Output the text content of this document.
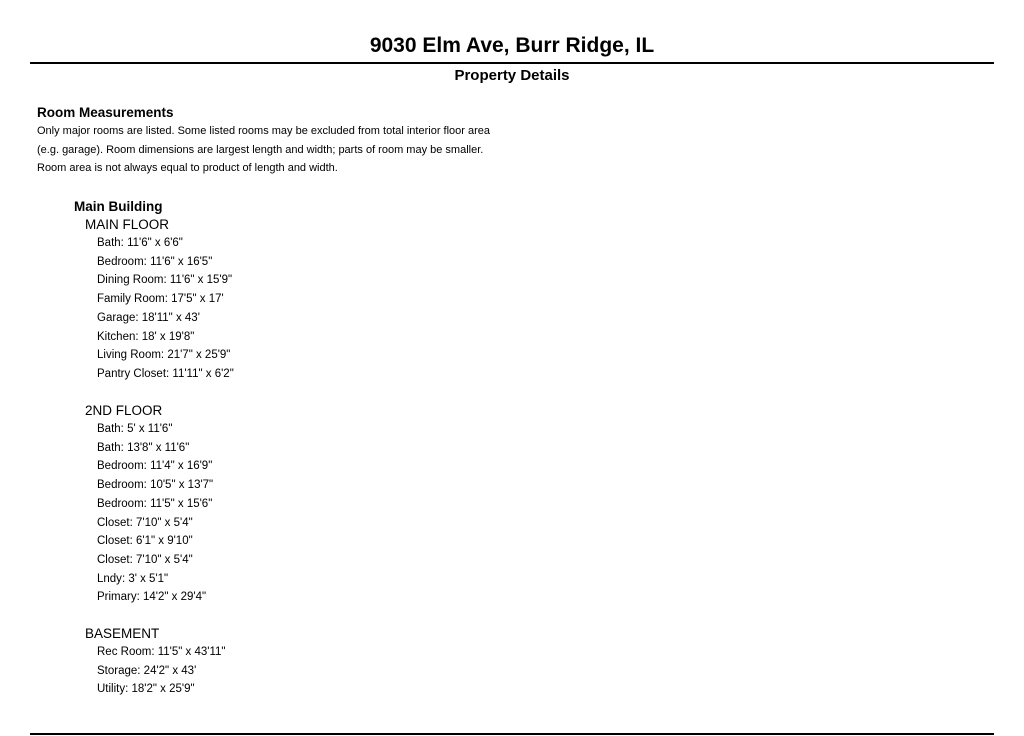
9030 Elm Ave, Burr Ridge, IL
Property Details
Room Measurements
Only major rooms are listed. Some listed rooms may be excluded from total interior floor area
(e.g. garage). Room dimensions are largest length and width; parts of room may be smaller.
Room area is not always equal to product of length and width.
Main Building
MAIN FLOOR
Bath: 11'6" x 6'6"
Bedroom: 11'6" x 16'5"
Dining Room: 11'6" x 15'9"
Family Room: 17'5" x 17'
Garage: 18'11" x 43'
Kitchen: 18' x 19'8"
Living Room: 21'7" x 25'9"
Pantry Closet: 11'11" x 6'2"
2ND FLOOR
Bath: 5' x 11'6"
Bath: 13'8" x 11'6"
Bedroom: 11'4" x 16'9"
Bedroom: 10'5" x 13'7"
Bedroom: 11'5" x 15'6"
Closet: 7'10" x 5'4"
Closet: 6'1" x 9'10"
Closet: 7'10" x 5'4"
Lndy: 3' x 5'1"
Primary: 14'2" x 29'4"
BASEMENT
Rec Room: 11'5" x 43'11"
Storage: 24'2" x 43'
Utility: 18'2" x 25'9"
